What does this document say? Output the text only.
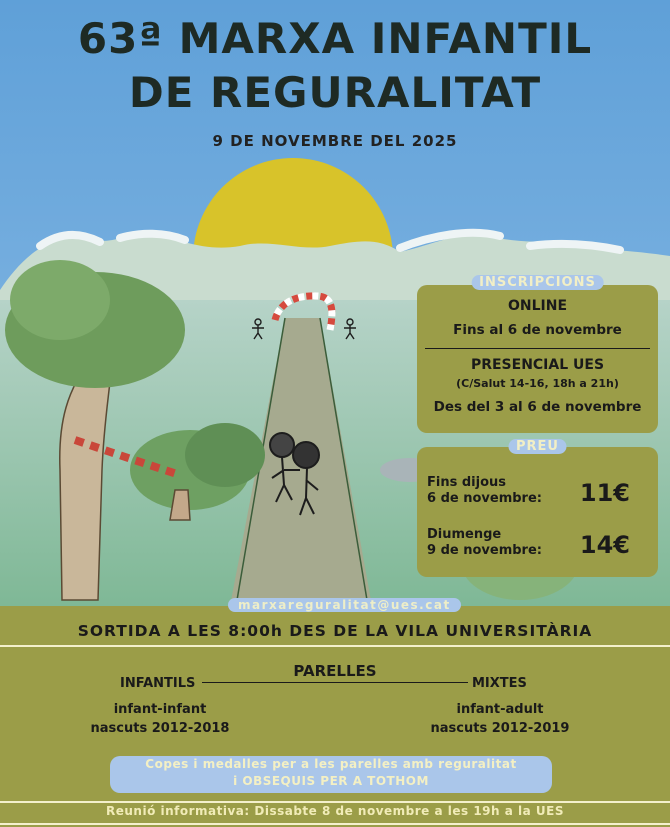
63ª MARXA INFANTIL
DE REGURALITAT
9 DE NOVEMBRE DEL 2025
INSCRIPCIONS
ONLINE
Fins al 6 de novembre
PRESENCIAL UES
(C/Salut 14-16, 18h a 21h)
Des del 3 al 6 de novembre
PREU
Fins dijous
6 de novembre: 11€
Diumenge
9 de novembre: 14€
marxareguralitat@ues.cat
SORTIDA A LES 8:00h DES DE LA VILA UNIVERSITÀRIA
PARELLES
INFANTILS	MIXTES
infant-infant
nascuts 2012-2018
infant-adult
nascuts 2012-2019
Copes i medalles per a les parelles amb reguralitat
i OBSEQUIS PER A TOTHOM
Reunió informativa: Dissabte 8 de novembre a les 19h a la UES
